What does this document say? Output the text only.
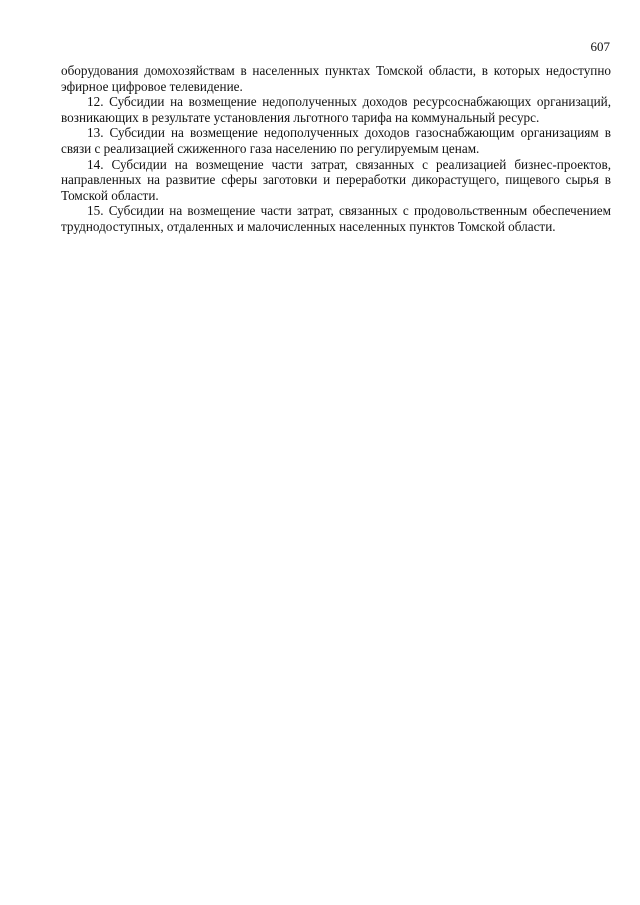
607

оборудования домохозяйствам в населенных пунктах Томской области, в которых недоступно эфирное цифровое телевидение.

12. Субсидии на возмещение недополученных доходов ресурсоснабжающих организаций, возникающих в результате установления льготного тарифа на коммунальный ресурс.

13. Субсидии на возмещение недополученных доходов газоснабжающим организациям в связи с реализацией сжиженного газа населению по регулируемым ценам.

14. Субсидии на возмещение части затрат, связанных с реализацией бизнес-проектов, направленных на развитие сферы заготовки и переработки дикорастущего, пищевого сырья в Томской области.

15. Субсидии на возмещение части затрат, связанных с продовольственным обеспечением труднодоступных, отдаленных и малочисленных населенных пунктов Томской области.
